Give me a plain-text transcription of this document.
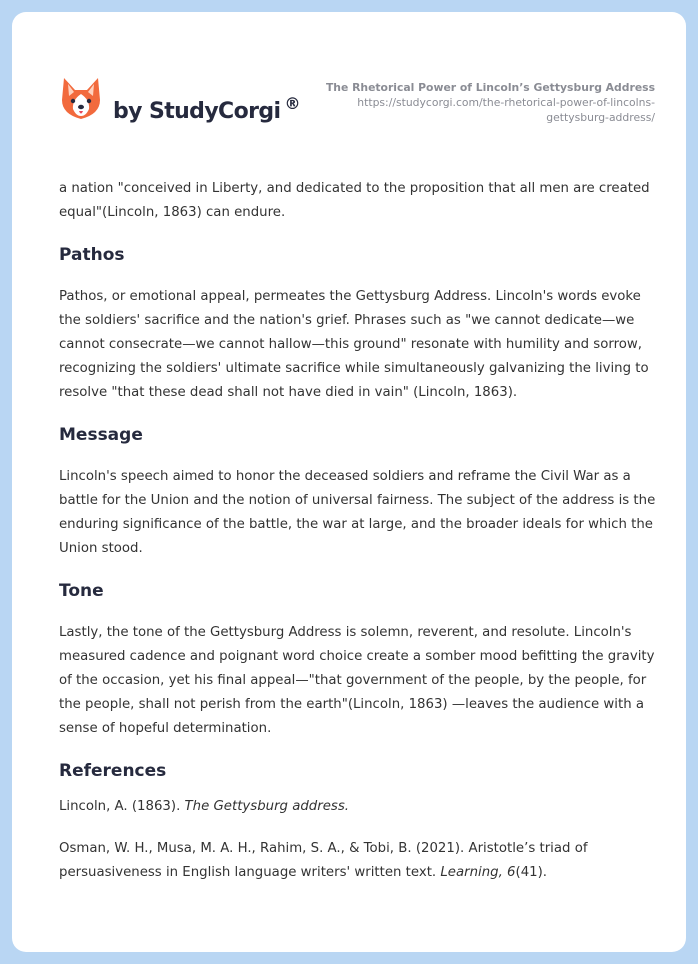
by StudyCorgi ®
The Rhetorical Power of Lincoln’s Gettysburg Address
https://studycorgi.com/the-rhetorical-power-of-lincolns-
gettysburg-address/

a nation "conceived in Liberty, and dedicated to the proposition that all men are created equal"(Lincoln, 1863) can endure.

Pathos

Pathos, or emotional appeal, permeates the Gettysburg Address. Lincoln's words evoke the soldiers' sacrifice and the nation's grief. Phrases such as "we cannot dedicate—we cannot consecrate—we cannot hallow—this ground" resonate with humility and sorrow, recognizing the soldiers' ultimate sacrifice while simultaneously galvanizing the living to resolve "that these dead shall not have died in vain" (Lincoln, 1863).

Message

Lincoln's speech aimed to honor the deceased soldiers and reframe the Civil War as a battle for the Union and the notion of universal fairness. The subject of the address is the enduring significance of the battle, the war at large, and the broader ideals for which the Union stood.

Tone

Lastly, the tone of the Gettysburg Address is solemn, reverent, and resolute. Lincoln's measured cadence and poignant word choice create a somber mood befitting the gravity of the occasion, yet his final appeal—"that government of the people, by the people, for the people, shall not perish from the earth"(Lincoln, 1863) —leaves the audience with a sense of hopeful determination.

References

Lincoln, A. (1863). The Gettysburg address.

Osman, W. H., Musa, M. A. H., Rahim, S. A., & Tobi, B. (2021). Aristotle’s triad of persuasiveness in English language writers' written text. Learning, 6(41).
